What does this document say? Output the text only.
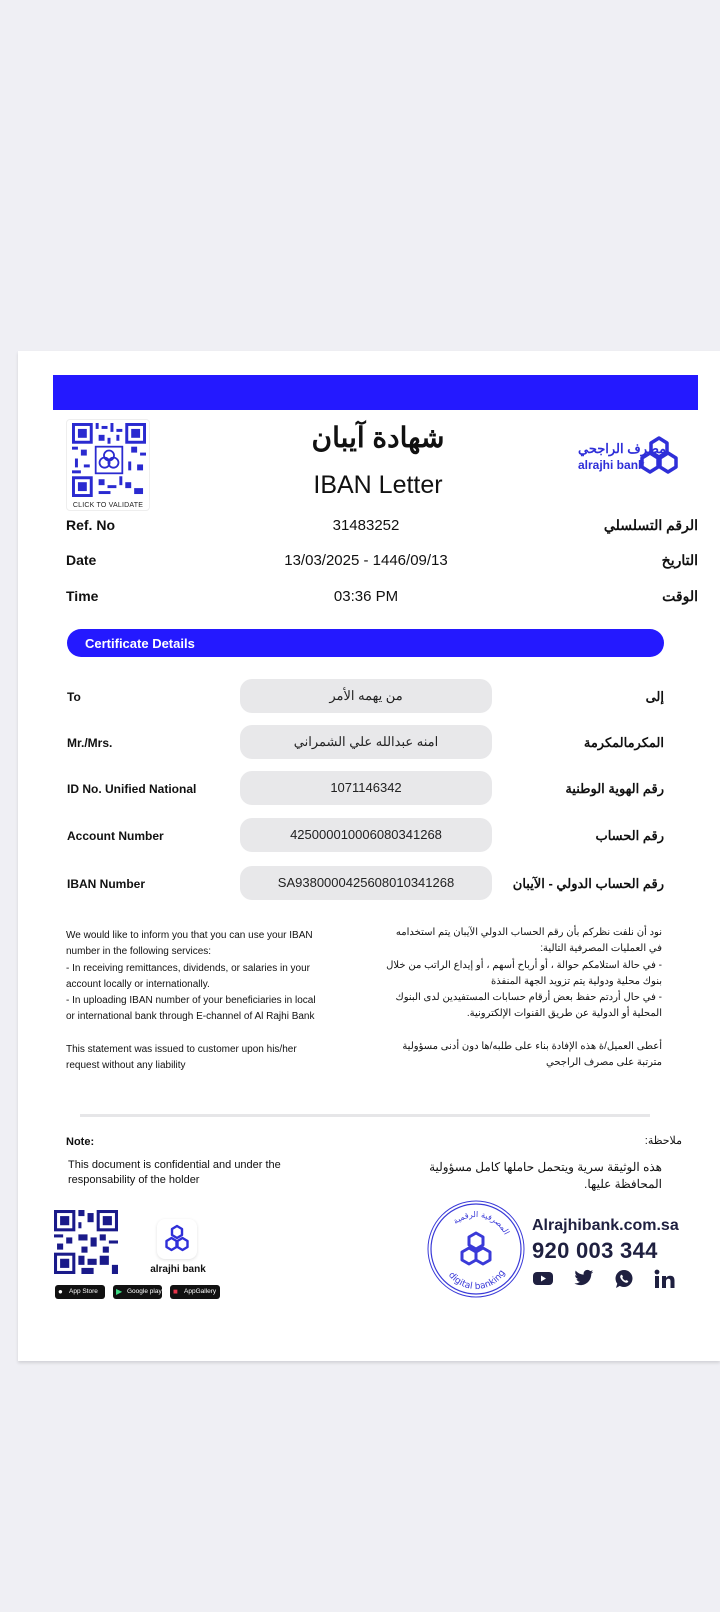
CLICK TO VALIDATE
شهادة آيبان
IBAN Letter
مصرف الراجحي
alrajhi bank
Ref. No	31483252	الرقم التسلسلي
Date	13/03/2025 - 1446/09/13	التاريخ
Time	03:36 PM	الوقت
Certificate Details
To	من يهمه الأمر	إلى
Mr./Mrs.	امنه عبدالله علي الشمراني	المكرمالمكرمة
ID No. Unified National	1071146342	رقم الهوية الوطنية
Account Number	425000010006080341268	رقم الحساب
IBAN Number	SA9380000425608010341268	رقم الحساب الدولي - الآيبان

We would like to inform you that you can use your IBAN number in the following services:
- In receiving remittances, dividends, or salaries in your account locally or internationally.
- In uploading IBAN number of your beneficiaries in local or international bank through E-channel of Al Rajhi Bank

This statement was issued to customer upon his/her request without any liability

نود أن نلفت نظركم بأن رقم الحساب الدولي الآيبان يتم استخدامه في العمليات المصرفية التالية:
- في حالة استلامكم حوالة ، أو أرباح أسهم ، أو إيداع الراتب من خلال بنوك محلية ودولية يتم تزويد الجهة المنفذة
- في حال أردتم حفظ بعض أرقام حسابات المستفيدين لدى البنوك المحلية أو الدولية عن طريق القنوات الإلكترونية.

أعطى العميل/ة هذه الإفادة بناء على طلبه/ها دون أدنى مسؤولية مترتبة على مصرف الراجحي

Note:
This document is confidential and under the responsability of the holder
ملاحظة:
هذه الوثيقة سرية ويتحمل حاملها كامل مسؤولية المحافظة عليها.
alrajhi bank
● App Store	▶ Google play ■ AppGallery
المصرفية الرقمية
digital banking
Alrajhibank.com.sa
920 003 344
